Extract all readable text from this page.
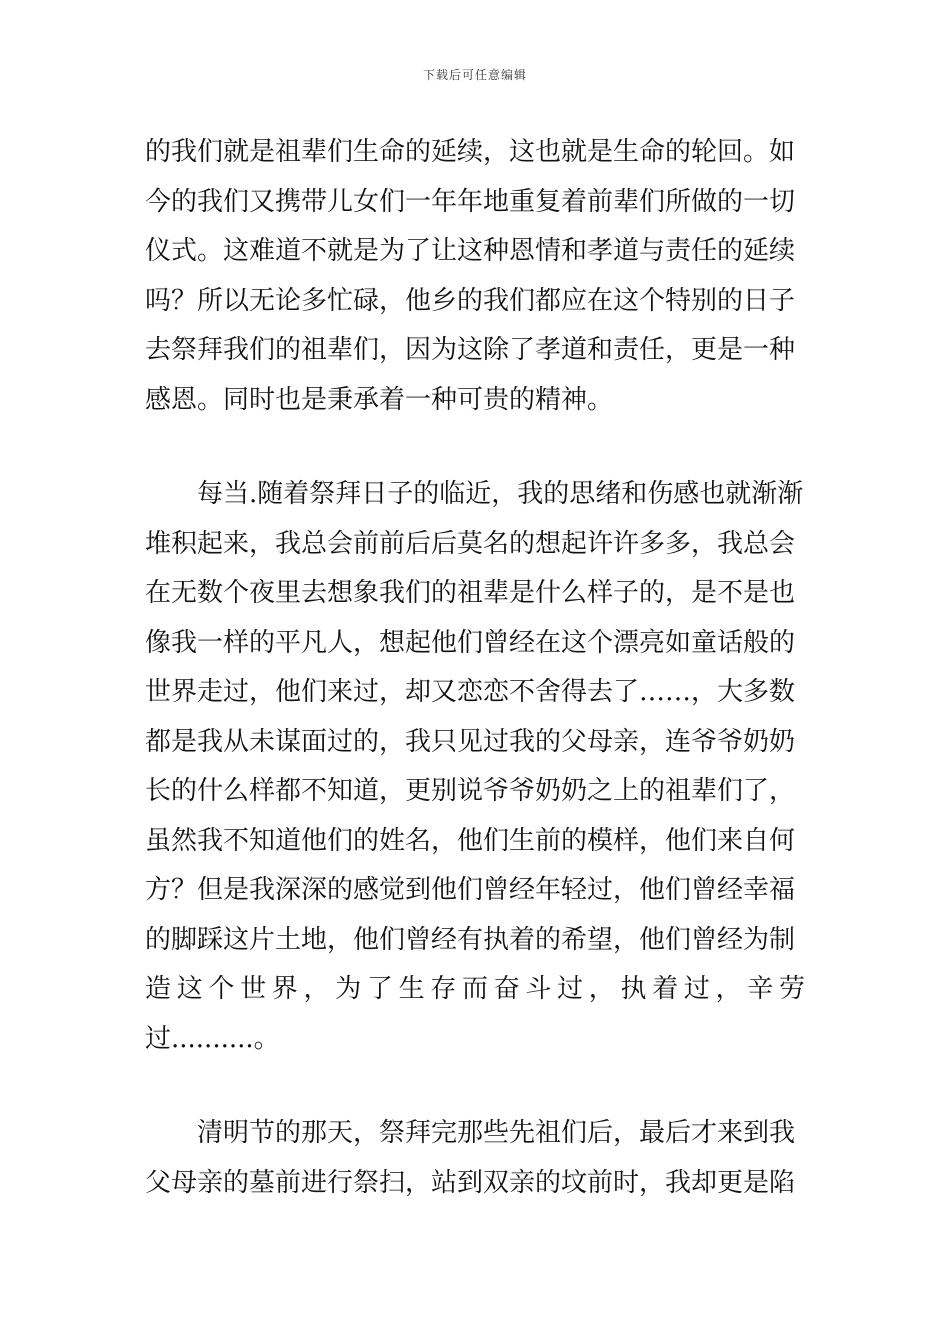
下载后可任意编辑
的我们就是祖辈们生命的延续，这也就是生命的轮回。如
今的我们又携带儿女们一年年地重复着前辈们所做的一切
仪式。这难道不就是为了让这种恩情和孝道与责任的延续
吗？所以无论多忙碌，他乡的我们都应在这个特别的日子
去祭拜我们的祖辈们，因为这除了孝道和责任，更是一种
感恩。同时也是秉承着一种可贵的精神。
每当.随着祭拜日子的临近，我的思绪和伤感也就渐渐
堆积起来，我总会前前后后莫名的想起许许多多，我总会
在无数个夜里去想象我们的祖辈是什么样子的，是不是也
像我一样的平凡人，想起他们曾经在这个漂亮如童话般的
世界走过，他们来过，却又恋恋不舍得去了……，大多数
都是我从未谋面过的，我只见过我的父母亲，连爷爷奶奶
长的什么样都不知道，更别说爷爷奶奶之上的祖辈们了，
虽然我不知道他们的姓名，他们生前的模样，他们来自何
方？但是我深深的感觉到他们曾经年轻过，他们曾经幸福
的脚踩这片土地，他们曾经有执着的希望，他们曾经为制
造这个世界，为了生存而奋斗过，执着过，辛劳
过..........。
清明节的那天，祭拜完那些先祖们后，最后才来到我
父母亲的墓前进行祭扫，站到双亲的坟前时，我却更是陷
